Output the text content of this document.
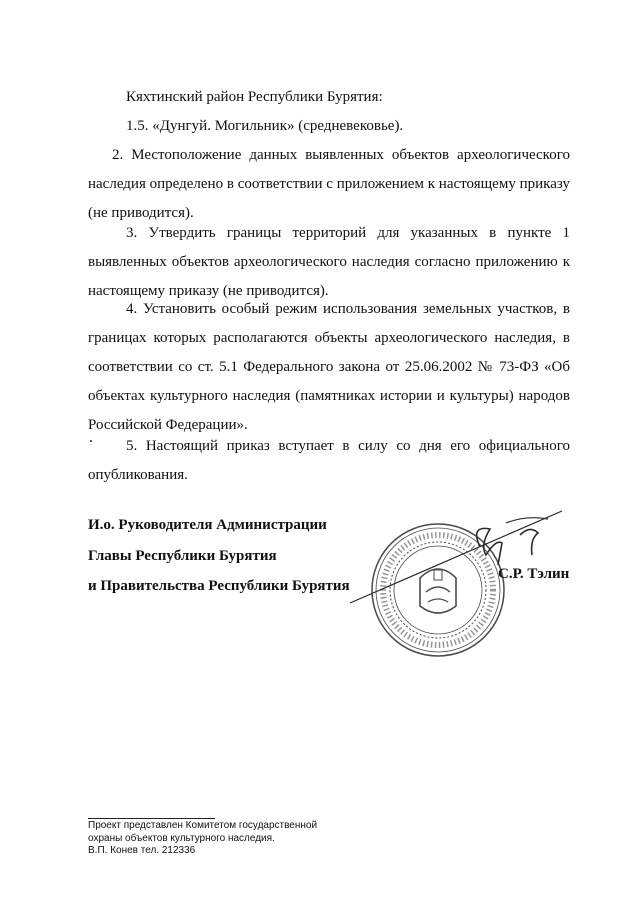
Кяхтинский район Республики Бурятия:
1.5. «Дунгуй. Могильник» (средневековье).
2. Местоположение данных выявленных объектов археологического наследия определено в соответствии с приложением к настоящему приказу (не приводится).
3. Утвердить границы территорий для указанных в пункте 1 выявленных объектов археологического наследия согласно приложению к настоящему приказу (не приводится).
4. Установить особый режим использования земельных участков, в границах которых располагаются объекты археологического наследия, в соответствии со ст. 5.1 Федерального закона от 25.06.2002 № 73-ФЗ «Об объектах культурного наследия (памятниках истории и культуры) народов Российской Федерации».
5. Настоящий приказ вступает в силу со дня его официального опубликования.
И.о. Руководителя Администрации
Главы Республики Бурятия
и Правительства Республики Бурятия
С.Р. Тэлин
Проект представлен Комитетом государственной
охраны объектов культурного наследия.
В.П. Конев тел. 212336
